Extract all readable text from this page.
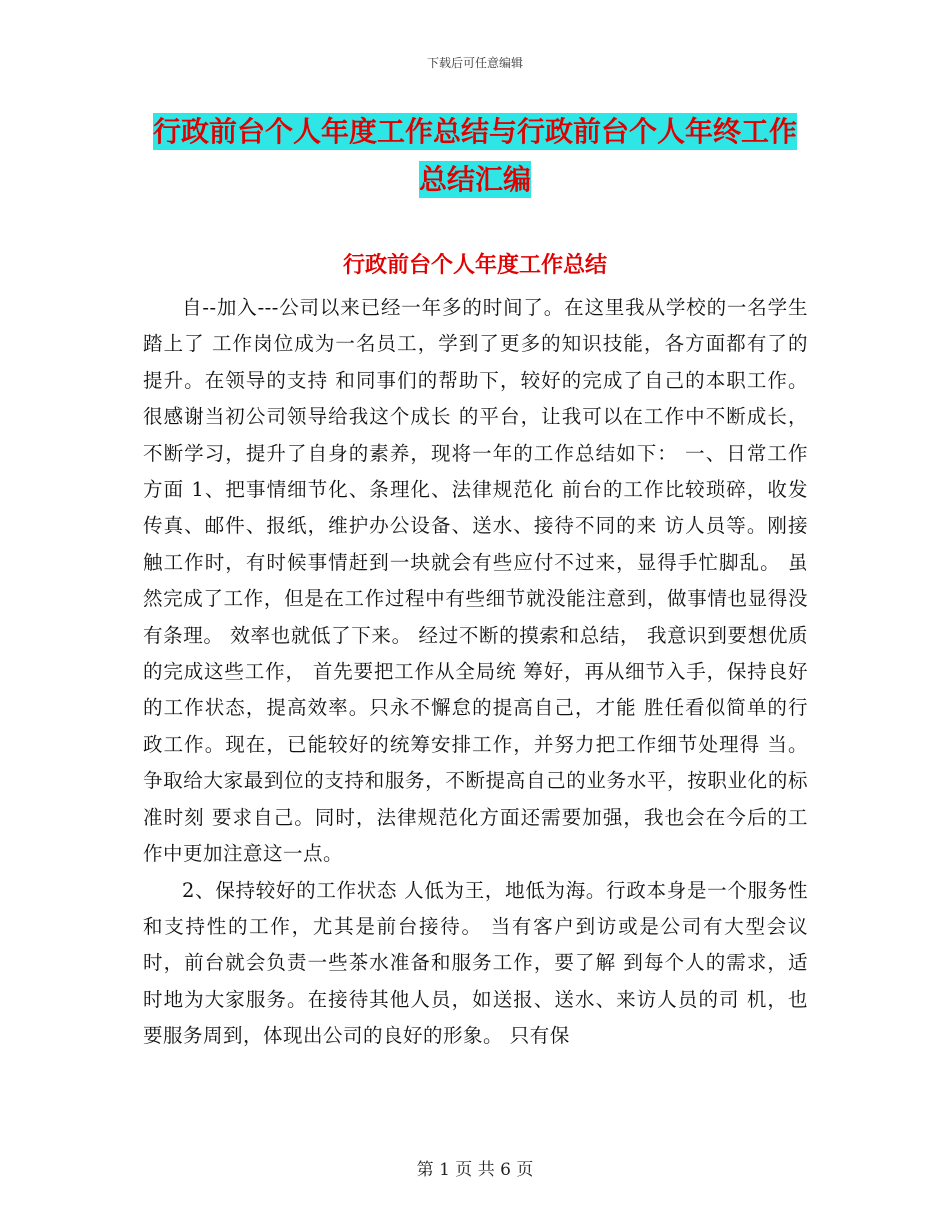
下载后可任意编辑
行政前台个人年度工作总结与行政前台个人年终工作
总结汇编
行政前台个人年度工作总结

自--加入---公司以来已经一年多的时间了。在这里我从学校的一名学生踏上了 工作岗位成为一名员工，学到了更多的知识技能，各方面都有了的提升。在领导的支持 和同事们的帮助下，较好的完成了自己的本职工作。很感谢当初公司领导给我这个成长 的平台，让我可以在工作中不断成长，不断学习，提升了自身的素养，现将一年的工作总结如下： 一、日常工作方面 1、把事情细节化、条理化、法律规范化 前台的工作比较琐碎，收发传真、邮件、报纸，维护办公设备、送水、接待不同的来 访人员等。刚接触工作时，有时候事情赶到一块就会有些应付不过来，显得手忙脚乱。 虽然完成了工作，但是在工作过程中有些细节就没能注意到，做事情也显得没有条理。 效率也就低了下来。 经过不断的摸索和总结， 我意识到要想优质的完成这些工作， 首先要把工作从全局统 筹好，再从细节入手，保持良好的工作状态，提高效率。只永不懈怠的提高自己，才能 胜任看似简单的行政工作。现在，已能较好的统筹安排工作，并努力把工作细节处理得 当。争取给大家最到位的支持和服务，不断提高自己的业务水平，按职业化的标准时刻 要求自己。同时，法律规范化方面还需要加强，我也会在今后的工作中更加注意这一点。

2、保持较好的工作状态 人低为王，地低为海。行政本身是一个服务性和支持性的工作，尤其是前台接待。 当有客户到访或是公司有大型会议时，前台就会负责一些茶水准备和服务工作，要了解 到每个人的需求，适时地为大家服务。在接待其他人员，如送报、送水、来访人员的司 机，也要服务周到，体现出公司的良好的形象。 只有保

第 1 页 共 6 页
